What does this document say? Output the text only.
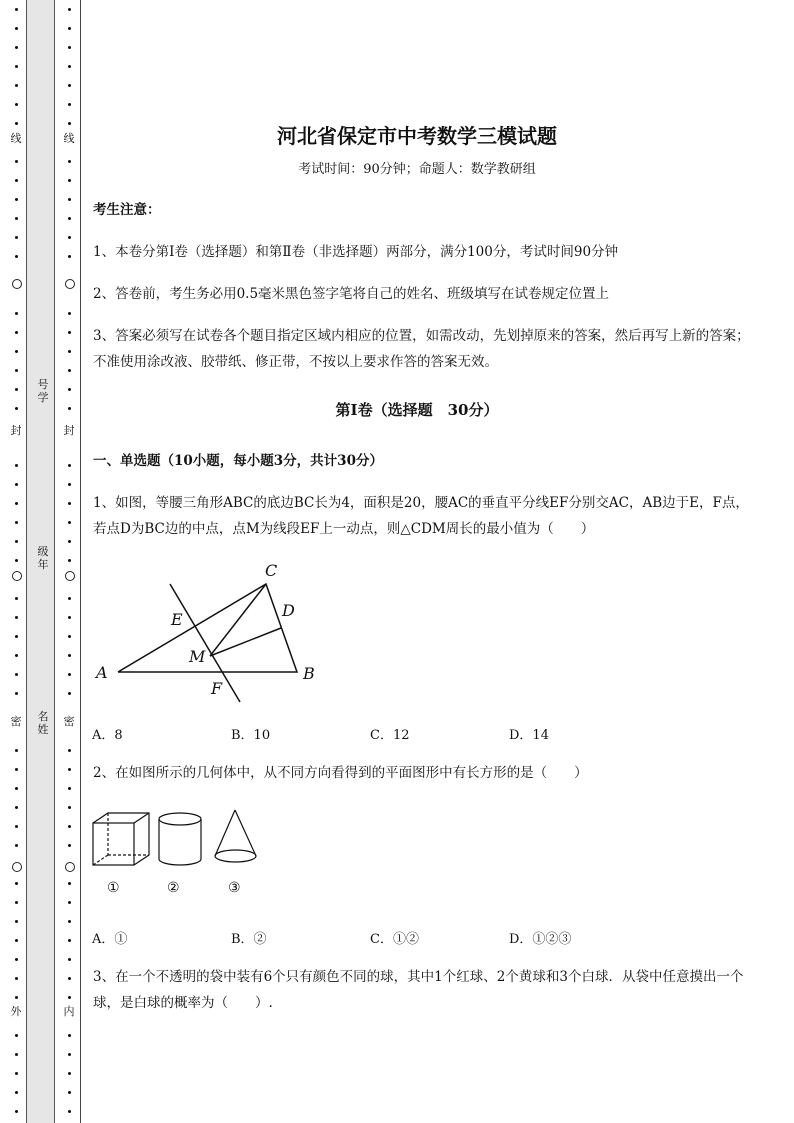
线
封
密
外
线
封
密
内
号学
级年
名姓
河北省保定市中考数学三模试题
考试时间：90分钟；命题人：数学教研组
考生注意：
1、本卷分第Ⅰ卷（选择题）和第Ⅱ卷（非选择题）两部分，满分100分，考试时间90分钟
2、答卷前，考生务必用0.5毫米黑色签字笔将自己的姓名、班级填写在试卷规定位置上
3、答案必须写在试卷各个题目指定区域内相应的位置，如需改动，先划掉原来的答案，然后再写上新的答案；不准使用涂改液、胶带纸、修正带，不按以上要求作答的答案无效。
第Ⅰ卷（选择题　30分）
一、单选题（10小题，每小题3分，共计30分）
1、如图，等腰三角形ABC的底边BC长为4，面积是20，腰AC的垂直平分线EF分别交AC，AB边于E，F点，若点D为BC边的中点，点M为线段EF上一动点，则△CDM周长的最小值为（　　）
C
E	D
M
A	B
F
A．8	B．10	C．12	D．14
2、在如图所示的几何体中，从不同方向看得到的平面图形中有长方形的是（　　）
①	②	③
A．①	B．②	C．①②	D．①②③
3、在一个不透明的袋中装有6个只有颜色不同的球，其中1个红球、2个黄球和3个白球．从袋中任意摸出一个球，是白球的概率为（　　）.
